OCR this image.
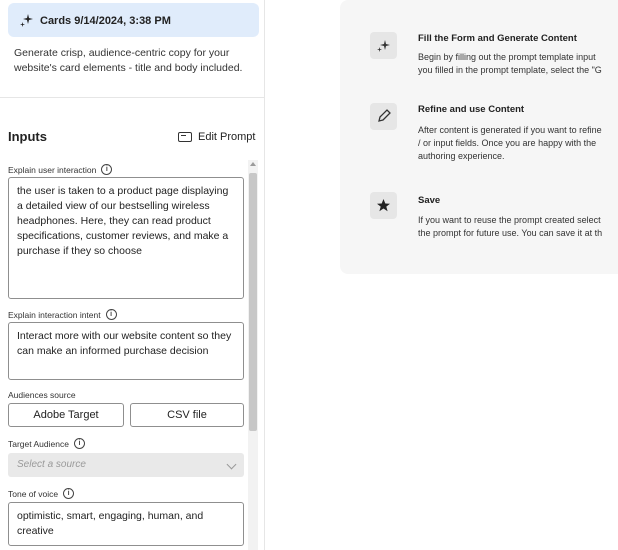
Cards 9/14/2024, 3:38 PM
Generate crisp, audience-centric copy for your website's card elements - title and body included.
Inputs	Edit Prompt
Explain user interaction	i
the user is taken to a product page displaying a detailed view of our bestselling wireless headphones. Here, they can read product specifications, customer reviews, and make a purchase if they so choose
Explain interaction intent	i
Interact more with our website content so they can make an informed purchase decision
Audiences source
Adobe Target	CSV file
Target Audience	i
Select a source
Tone of voice	i
optimistic, smart, engaging, human, and creative
Fill the Form and Generate Content
Begin by filling out the prompt template input
you filled in the prompt template, select the "G
Refine and use Content
After content is generated if you want to refine
/ or input fields. Once you are happy with the
authoring experience.
Save
If you want to reuse the prompt created select
the prompt for future use. You can save it at th
